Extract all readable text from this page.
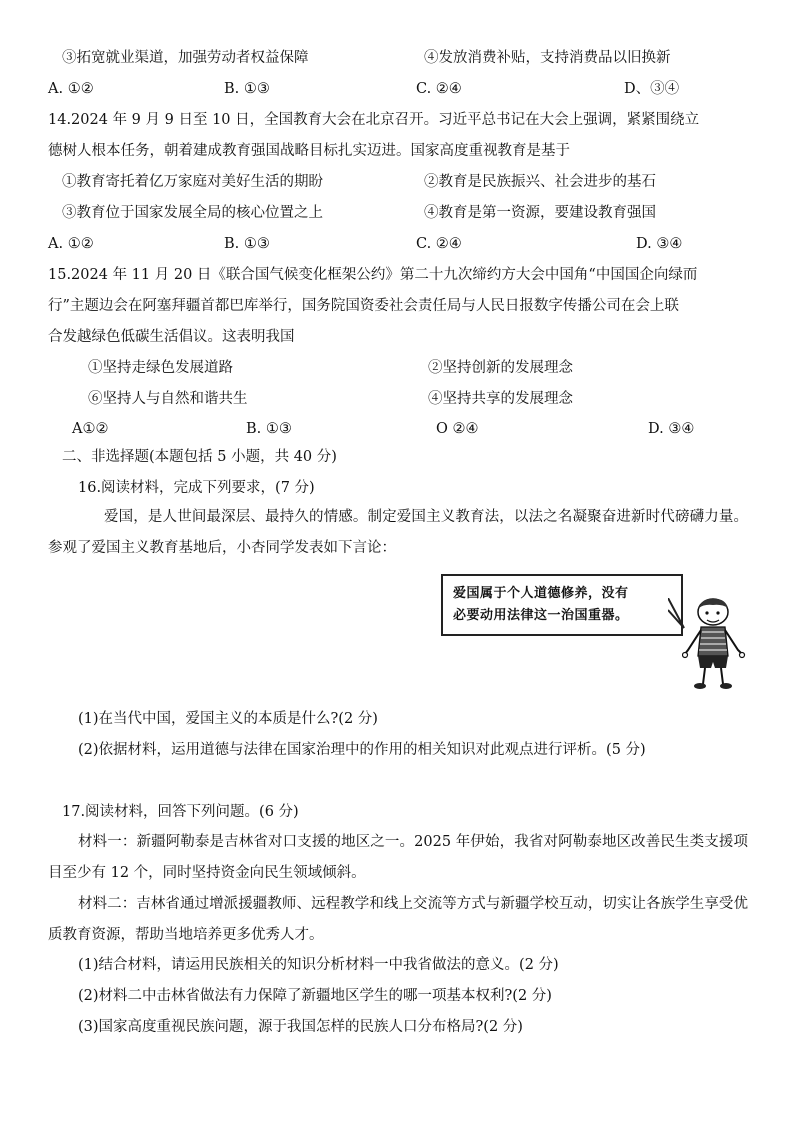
③拓宽就业渠道，加强劳动者权益保障	④发放消费补贴，支持消费品以旧换新
A. ①②	B. ①③	C. ②④	D、③④
14.2024 年 9 月 9 日至 10 日，全国教育大会在北京召开。习近平总书记在大会上强调，紧紧围绕立
德树人根本任务，朝着建成教育强国战略目标扎实迈进。国家高度重视教育是基于
①教育寄托着亿万家庭对美好生活的期盼	②教育是民族振兴、社会进步的基石
③教育位于国家发展全局的核心位置之上	④教育是第一资源，要建设教育强国
A. ①②	B. ①③	C. ②④	D. ③④
15.2024 年 11 月 20 日《联合国气候变化框架公约》第二十九次缔约方大会中国角“中国国企向绿而
行”主题边会在阿塞拜疆首都巴库举行，国务院国资委社会责任局与人民日报数字传播公司在会上联
合发越绿色低碳生活倡议。这表明我国
①坚持走绿色发展道路	②坚持创新的发展理念
⑥坚持人与自然和谐共生	④坚持共享的发展理念
A①②	B. ①③	O ②④	D. ③④
二、非选择题(本题包括 5 小题，共 40 分)
16.阅读材料，完成下列要求，(7 分)
爱国，是人世间最深层、最持久的情感。制定爱国主义教育法，以法之名凝聚奋进新时代磅礴力量。参观了爱国主义教育基地后，小杏同学发表如下言论：
爱国属于个人道德修养，没有
必要动用法律这一治国重器。
(1)在当代中国，爱国主义的本质是什么?(2 分)
(2)依据材料，运用道德与法律在国家治理中的作用的相关知识对此观点进行评析。(5 分)
17.阅读材料，回答下列问题。(6 分)
材料一：新疆阿勒泰是吉林省对口支援的地区之一。2025 年伊始，我省对阿勒泰地区改善民生类支援项目至少有 12 个，同时坚持资金向民生领域倾斜。
材料二：吉林省通过增派援疆教师、远程教学和线上交流等方式与新疆学校互动，切实让各族学生享受优质教育资源，帮助当地培养更多优秀人才。
(1)结合材料，请运用民族相关的知识分析材料一中我省做法的意义。(2 分)
(2)材料二中击林省做法有力保障了新疆地区学生的哪一项基本权利?(2 分)
(3)国家高度重视民族问题，源于我国怎样的民族人口分布格局?(2 分)
